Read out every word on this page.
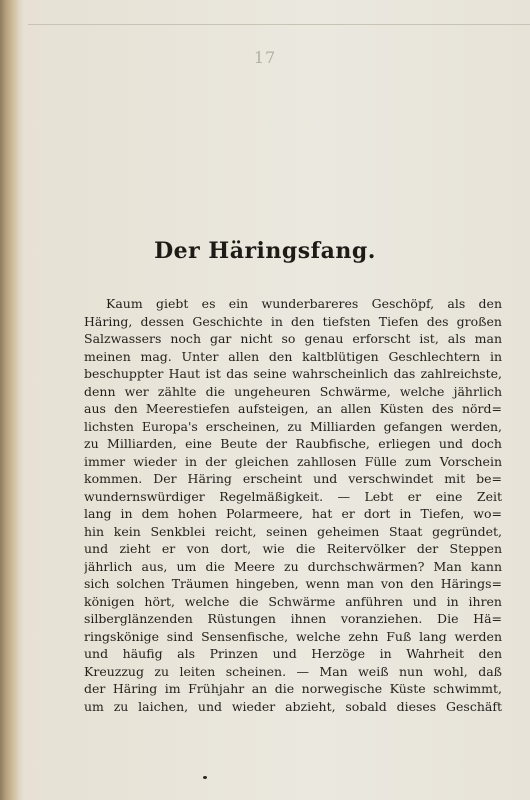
17
Der Häringsfang.
Kaum giebt es ein wunderbareres Geschöpf, als den
Häring, dessen Geschichte in den tiefsten Tiefen des großen
Salzwassers noch gar nicht so genau erforscht ist, als man
meinen mag. Unter allen den kaltblütigen Geschlechtern in
beschuppter Haut ist das seine wahrscheinlich das zahlreichste,
denn wer zählte die ungeheuren Schwärme, welche jährlich
aus den Meerestiefen aufsteigen, an allen Küsten des nörd=
lichsten Europa's erscheinen, zu Milliarden gefangen werden,
zu Milliarden, eine Beute der Raubfische, erliegen und doch
immer wieder in der gleichen zahllosen Fülle zum Vorschein
kommen. Der Häring erscheint und verschwindet mit be=
wundernswürdiger Regelmäßigkeit. — Lebt er eine Zeit
lang in dem hohen Polarmeere, hat er dort in Tiefen, wo=
hin kein Senkblei reicht, seinen geheimen Staat gegründet,
und zieht er von dort, wie die Reitervölker der Steppen
jährlich aus, um die Meere zu durchschwärmen? Man kann
sich solchen Träumen hingeben, wenn man von den Härings=
königen hört, welche die Schwärme anführen und in ihren
silberglänzenden Rüstungen ihnen voranziehen. Die Hä=
ringskönige sind Sensenfische, welche zehn Fuß lang werden
und häufig als Prinzen und Herzöge in Wahrheit den
Kreuzzug zu leiten scheinen. — Man weiß nun wohl, daß
der Häring im Frühjahr an die norwegische Küste schwimmt,
um zu laichen, und wieder abzieht, sobald dieses Geschäft
